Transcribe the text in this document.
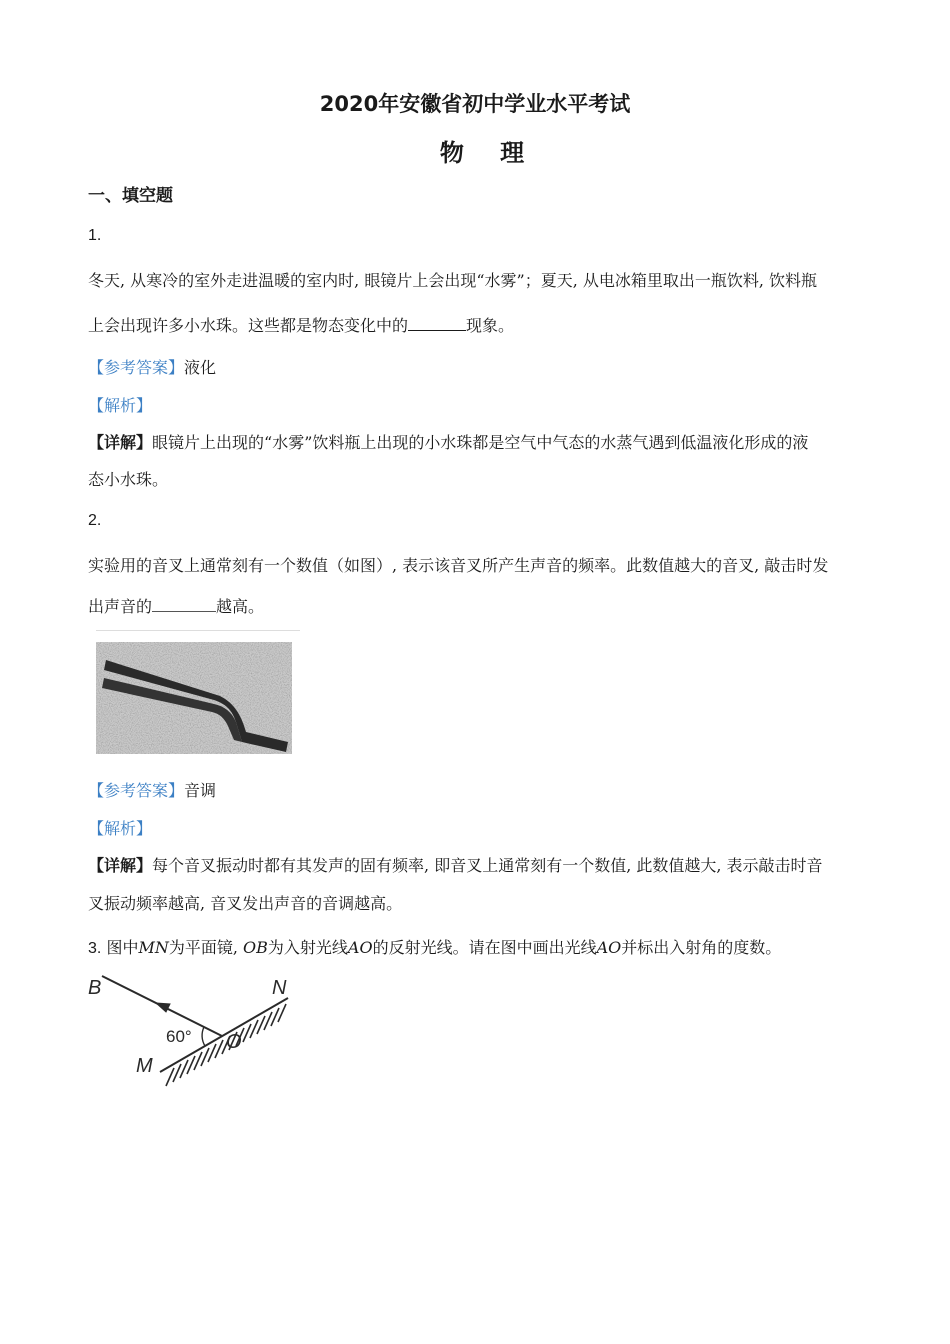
2020年安徽省初中学业水平考试
物 理
一、填空题
1.
冬天, 从寒冷的室外走进温暖的室内时, 眼镜片上会出现“水雾”；夏天, 从电冰箱里取出一瓶饮料, 饮料瓶
上会出现许多小水珠。这些都是物态变化中的	现象。
【参考答案】液化
【解析】
【详解】眼镜片上出现的“水雾”饮料瓶上出现的小水珠都是空气中气态的水蒸气遇到低温液化形成的液
态小水珠。
2.
实验用的音叉上通常刻有一个数值（如图）, 表示该音叉所产生声音的频率。此数值越大的音叉, 敲击时发
出声音的	越高。
【参考答案】音调
【解析】
【详解】每个音叉振动时都有其发声的固有频率, 即音叉上通常刻有一个数值, 此数值越大, 表示敲击时音
叉振动频率越高, 音叉发出声音的音调越高。
3. 图中MN为平面镜, OB为入射光线AO的反射光线。请在图中画出光线AO并标出入射角的度数。
B	N
M
O
60°
